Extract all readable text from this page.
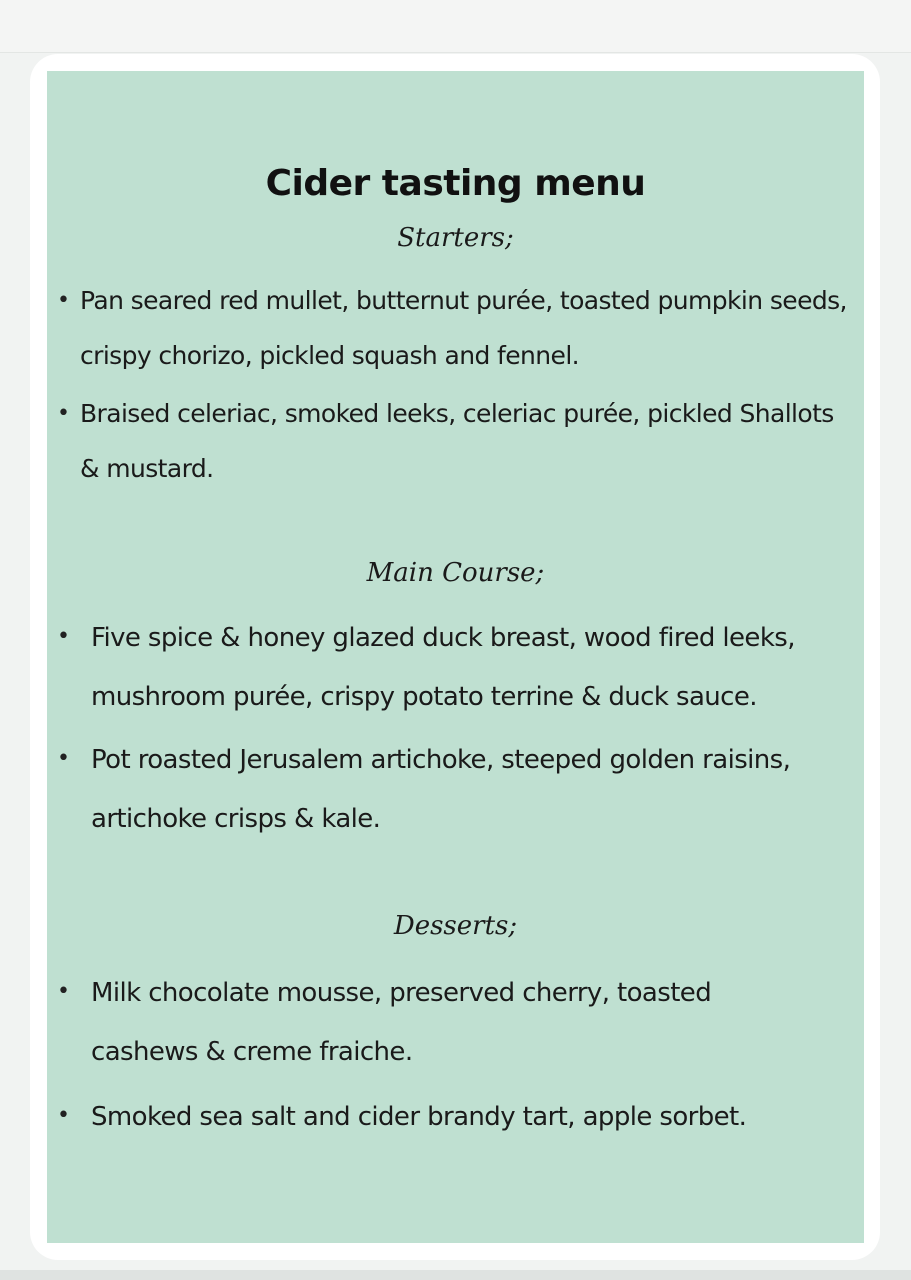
Cider tasting menu
Starters;
• Pan seared red mullet, butternut purée, toasted pumpkin seeds, crispy chorizo, pickled squash and fennel.
• Braised celeriac, smoked leeks, celeriac purée, pickled Shallots & mustard.
Main Course;
• Five spice & honey glazed duck breast, wood fired leeks, mushroom purée, crispy potato terrine & duck sauce.
• Pot roasted Jerusalem artichoke, steeped golden raisins, artichoke crisps & kale.
Desserts;
• Milk chocolate mousse, preserved cherry, toasted cashews & creme fraiche.
• Smoked sea salt and cider brandy tart, apple sorbet.
